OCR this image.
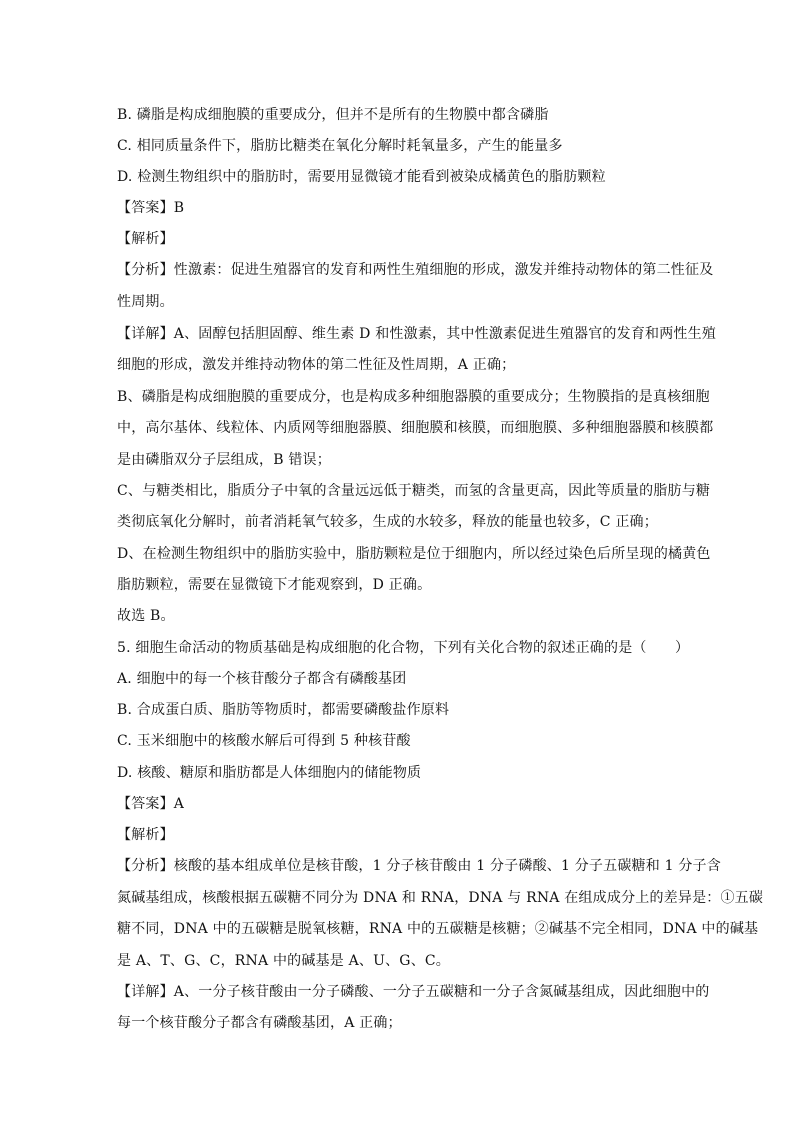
B. 磷脂是构成细胞膜的重要成分，但并不是所有的生物膜中都含磷脂
C. 相同质量条件下，脂肪比糖类在氧化分解时耗氧量多，产生的能量多
D. 检测生物组织中的脂肪时，需要用显微镜才能看到被染成橘黄色的脂肪颗粒
【答案】B
【解析】
【分析】性激素：促进生殖器官的发育和两性生殖细胞的形成，激发并维持动物体的第二性征及
性周期。
【详解】A、固醇包括胆固醇、维生素 D 和性激素，其中性激素促进生殖器官的发育和两性生殖
细胞的形成，激发并维持动物体的第二性征及性周期，A 正确；
B、磷脂是构成细胞膜的重要成分，也是构成多种细胞器膜的重要成分；生物膜指的是真核细胞
中，高尔基体、线粒体、内质网等细胞器膜、细胞膜和核膜，而细胞膜、多种细胞器膜和核膜都
是由磷脂双分子层组成，B 错误；
C、与糖类相比，脂质分子中氧的含量远远低于糖类，而氢的含量更高，因此等质量的脂肪与糖
类彻底氧化分解时，前者消耗氧气较多，生成的水较多，释放的能量也较多，C 正确；
D、在检测生物组织中的脂肪实验中，脂肪颗粒是位于细胞内，所以经过染色后所呈现的橘黄色
脂肪颗粒，需要在显微镜下才能观察到，D 正确。
故选 B。
5. 细胞生命活动的物质基础是构成细胞的化合物，下列有关化合物的叙述正确的是（　　）
A. 细胞中的每一个核苷酸分子都含有磷酸基团
B. 合成蛋白质、脂肪等物质时，都需要磷酸盐作原料
C. 玉米细胞中的核酸水解后可得到 5 种核苷酸
D. 核酸、糖原和脂肪都是人体细胞内的储能物质
【答案】A
【解析】
【分析】核酸的基本组成单位是核苷酸，1 分子核苷酸由 1 分子磷酸、1 分子五碳糖和 1 分子含
氮碱基组成，核酸根据五碳糖不同分为 DNA 和 RNA，DNA 与 RNA 在组成成分上的差异是：①五碳
糖不同，DNA 中的五碳糖是脱氧核糖，RNA 中的五碳糖是核糖；②碱基不完全相同，DNA 中的碱基
是 A、T、G、C，RNA 中的碱基是 A、U、G、C。
【详解】A、一分子核苷酸由一分子磷酸、一分子五碳糖和一分子含氮碱基组成，因此细胞中的
每一个核苷酸分子都含有磷酸基团，A 正确；
